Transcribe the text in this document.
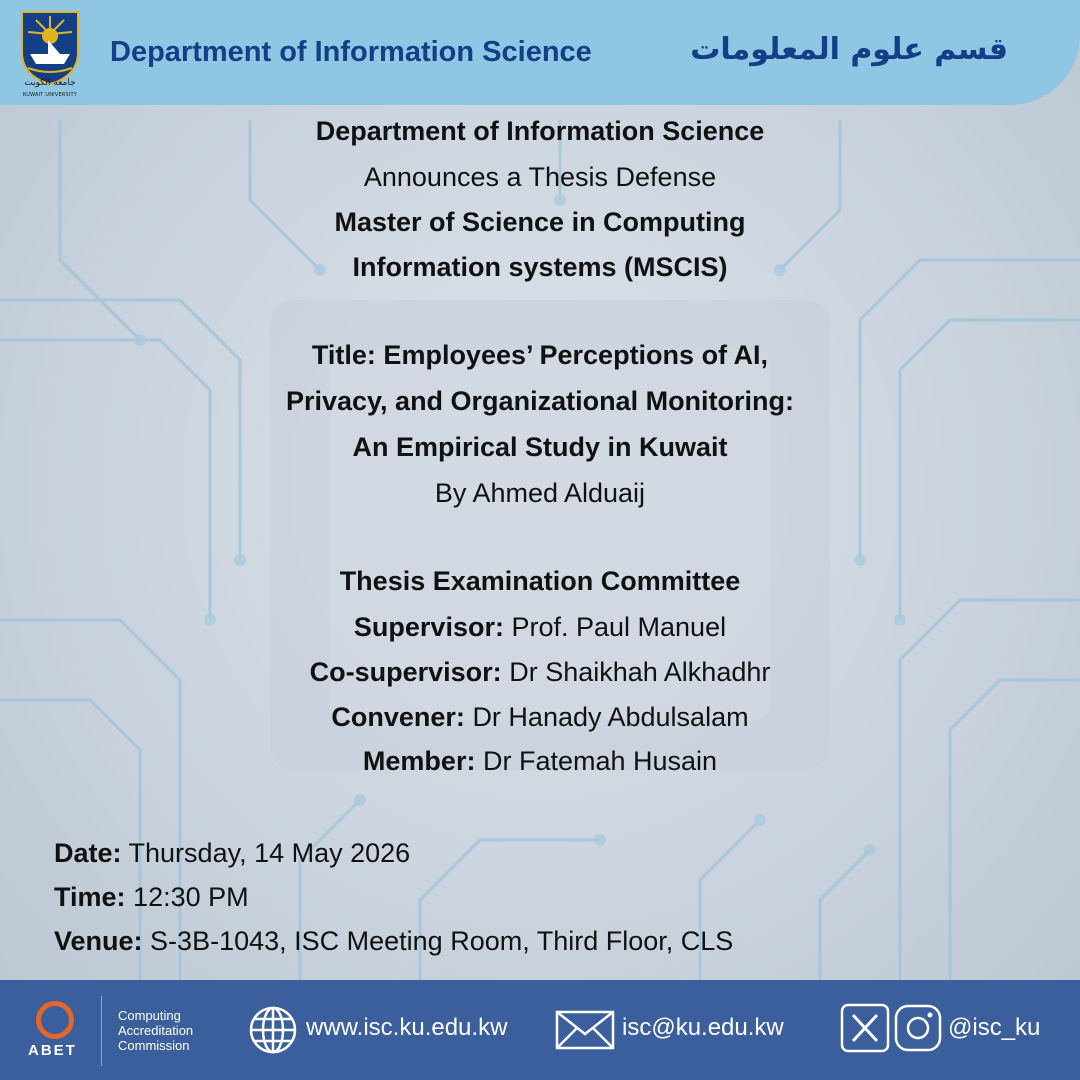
جامعة الكويت
KUWAIT UNIVERSITY
Department of Information Science	قسم علوم المعلومات
Department of Information Science
Announces a Thesis Defense
Master of Science in Computing
Information systems (MSCIS)
Title: Employees’ Perceptions of AI,
Privacy, and Organizational Monitoring:
An Empirical Study in Kuwait
By Ahmed Alduaij
Thesis Examination Committee
Supervisor: Prof. Paul Manuel
Co-supervisor: Dr Shaikhah Alkhadhr
Convener: Dr Hanady Abdulsalam
Member: Dr Fatemah Husain
Date: Thursday, 14 May 2026
Time: 12:30 PM
Venue: S-3B-1043, ISC Meeting Room, Third Floor, CLS
ABET
Computing
Accreditation
Commission
www.isc.ku.edu.kw	isc@ku.edu.kw	@isc_ku
